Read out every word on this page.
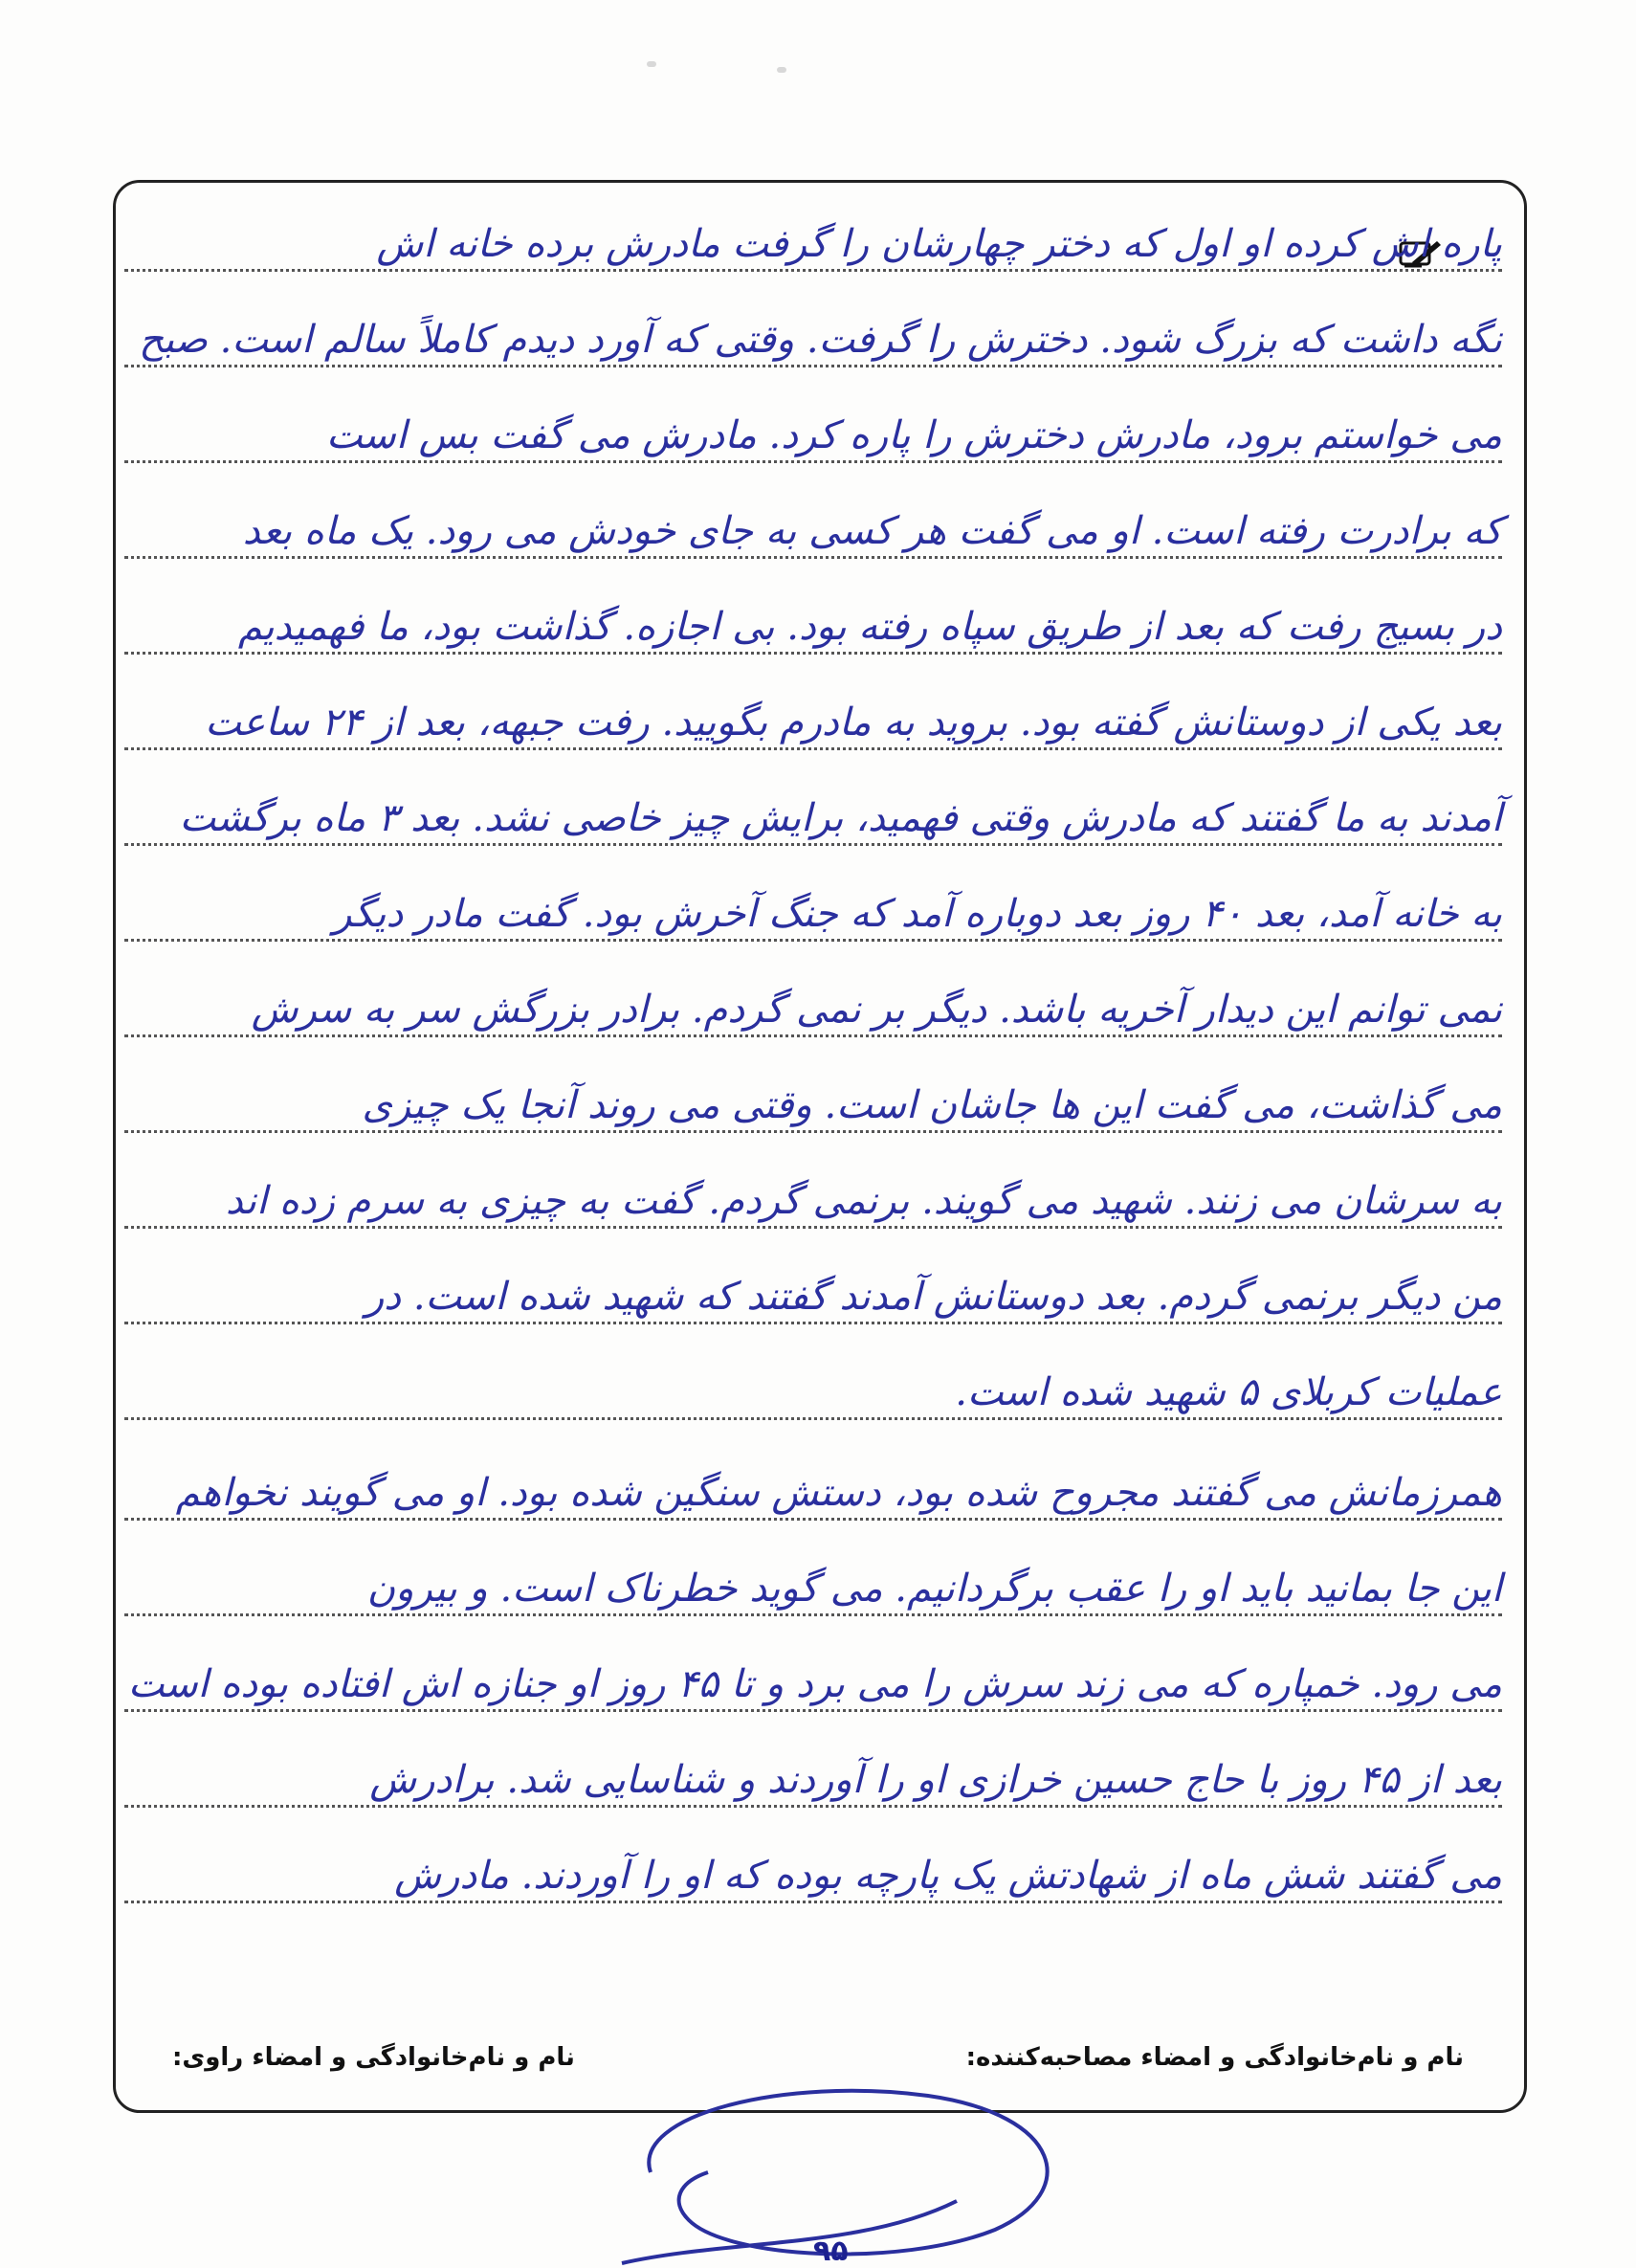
پاره اش کرده او اول که دختر چهارشان را گرفت مادرش برده خانه اش
نگه داشت که بزرگ شود. دخترش را گرفت. وقتی که آورد دیدم کاملاً سالم است. صبح
می خواستم برود، مادرش دخترش را پاره کرد. مادرش می گفت بس است
که برادرت رفته است. او می گفت هر کسی به جای خودش می رود. یک ماه بعد
در بسیج رفت که بعد از طریق سپاه رفته بود. بی اجازه. گذاشت بود، ما فهمیدیم
بعد یکی از دوستانش گفته بود. بروید به مادرم بگویید. رفت جبهه، بعد از ۲۴ ساعت
آمدند به ما گفتند که مادرش وقتی فهمید، برایش چیز خاصی نشد. بعد ۳ ماه برگشت
به خانه آمد، بعد ۴۰ روز بعد دوباره آمد که جنگ آخرش بود. گفت مادر دیگر
نمی توانم این دیدار آخریه باشد. دیگر بر نمی گردم. برادر بزرگش سر به سرش
می گذاشت، می گفت این ها جاشان است. وقتی می روند آنجا یک چیزی
به سرشان می زنند. شهید می گویند. برنمی گردم. گفت به چیزی به سرم زده اند
من دیگر برنمی گردم. بعد دوستانش آمدند گفتند که شهید شده است. در
عملیات کربلای ۵ شهید شده است.
همرزمانش می گفتند مجروح شده بود، دستش سنگین شده بود. او می گویند نخواهم
این جا بمانید باید او را عقب برگردانیم. می گوید خطرناک است. و بیرون
می رود. خمپاره که می زند سرش را می برد و تا ۴۵ روز او جنازه اش افتاده بوده است
بعد از ۴۵ روز با حاج حسین خرازی او را آوردند و شناسایی شد. برادرش
می گفتند شش ماه از شهادتش یک پارچه بوده که او را آوردند. مادرش
نام و نام‌خانوادگی و امضاء مصاحبه‌کننده:
نام و نام‌خانوادگی و امضاء راوی:
۹۵
